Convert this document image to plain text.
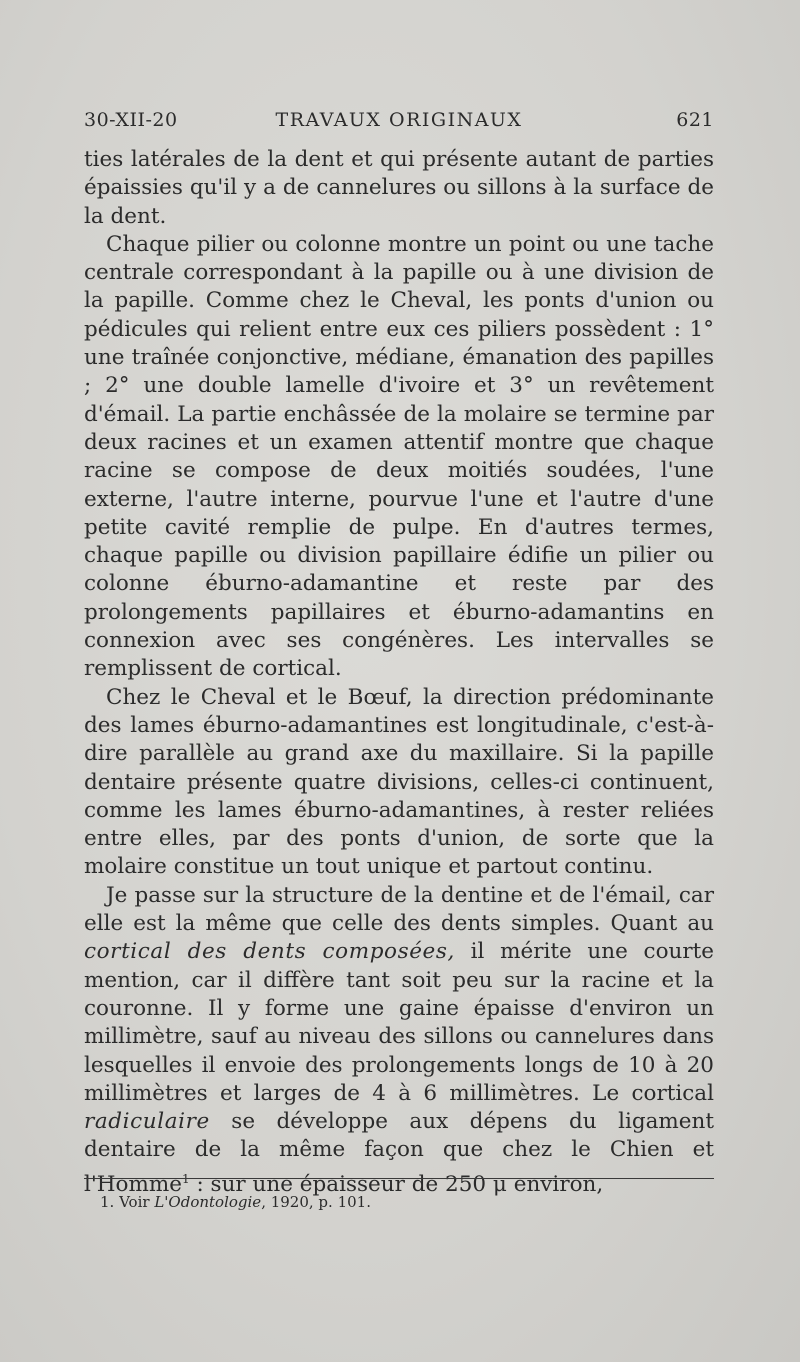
30-XII-20	TRAVAUX ORIGINAUX	621

ties latérales de la dent et qui présente autant de parties épaissies qu'il y a de cannelures ou sillons à la surface de la dent.

Chaque pilier ou colonne montre un point ou une tache centrale correspondant à la papille ou à une division de la papille. Comme chez le Cheval, les ponts d'union ou pédicules qui relient entre eux ces piliers possèdent : 1° une traînée conjonctive, médiane, émanation des papilles ; 2° une double lamelle d'ivoire et 3° un revêtement d'émail. La partie enchâssée de la molaire se termine par deux racines et un examen attentif montre que chaque racine se compose de deux moitiés soudées, l'une externe, l'autre interne, pourvue l'une et l'autre d'une petite cavité remplie de pulpe. En d'autres termes, chaque papille ou division papillaire édifie un pilier ou colonne éburno-adamantine et reste par des prolongements papillaires et éburno-adamantins en connexion avec ses congénères. Les intervalles se remplissent de cortical.

Chez le Cheval et le Bœuf, la direction prédominante des lames éburno-adamantines est longitudinale, c'est-à-dire parallèle au grand axe du maxillaire. Si la papille dentaire présente quatre divisions, celles-ci continuent, comme les lames éburno-adamantines, à rester reliées entre elles, par des ponts d'union, de sorte que la molaire constitue un tout unique et partout continu.

Je passe sur la structure de la dentine et de l'émail, car elle est la même que celle des dents simples. Quant au cortical des dents composées, il mérite une courte mention, car il diffère tant soit peu sur la racine et la couronne. Il y forme une gaine épaisse d'environ un millimètre, sauf au niveau des sillons ou cannelures dans lesquelles il envoie des prolongements longs de 10 à 20 millimètres et larges de 4 à 6 millimètres. Le cortical radiculaire se développe aux dépens du ligament dentaire de la même façon que chez le Chien et l'Homme$^1$ : sur une épaisseur de 250 μ environ,

1. Voir L'Odontologie, 1920, p. 101.
